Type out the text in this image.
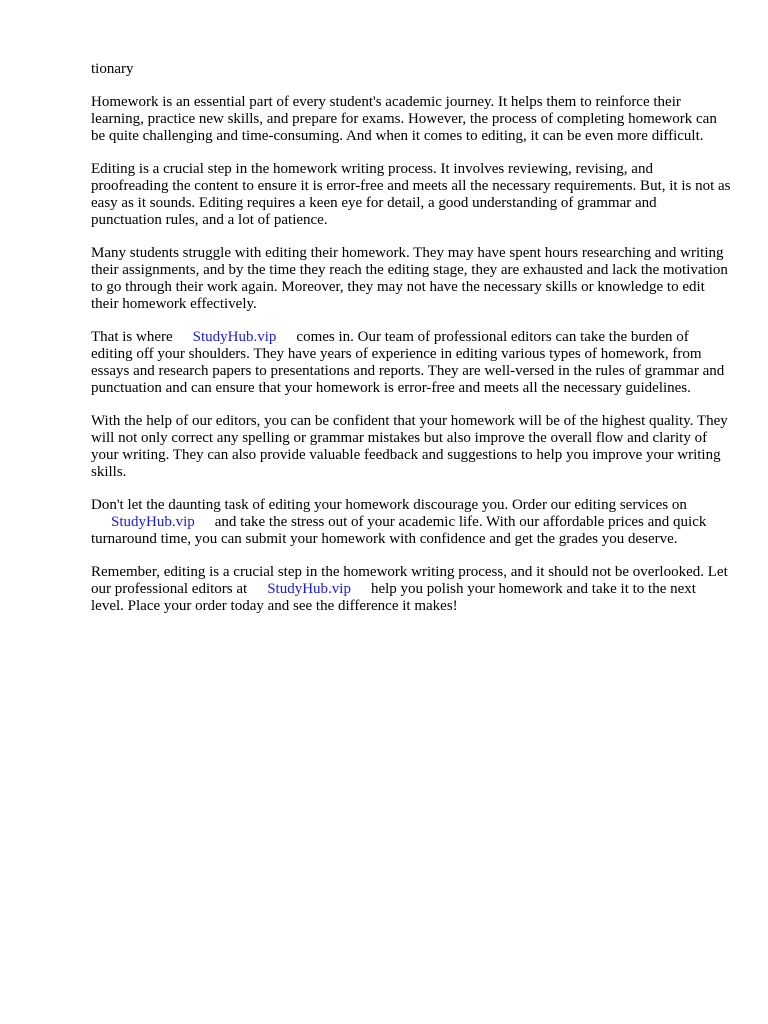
tionary

Homework is an essential part of every student's academic journey. It helps them to reinforce their learning, practice new skills, and prepare for exams. However, the process of completing homework can be quite challenging and time-consuming. And when it comes to editing, it can be even more difficult.

Editing is a crucial step in the homework writing process. It involves reviewing, revising, and proofreading the content to ensure it is error-free and meets all the necessary requirements. But, it is not as easy as it sounds. Editing requires a keen eye for detail, a good understanding of grammar and punctuation rules, and a lot of patience.

Many students struggle with editing their homework. They may have spent hours researching and writing their assignments, and by the time they reach the editing stage, they are exhausted and lack the motivation to go through their work again. Moreover, they may not have the necessary skills or knowledge to edit their homework effectively.

That is where StudyHub.vip comes in. Our team of professional editors can take the burden of editing off your shoulders. They have years of experience in editing various types of homework, from essays and research papers to presentations and reports. They are well-versed in the rules of grammar and punctuation and can ensure that your homework is error-free and meets all the necessary guidelines.

With the help of our editors, you can be confident that your homework will be of the highest quality. They will not only correct any spelling or grammar mistakes but also improve the overall flow and clarity of your writing. They can also provide valuable feedback and suggestions to help you improve your writing skills.

Don't let the daunting task of editing your homework discourage you. Order our editing services on StudyHub.vip and take the stress out of your academic life. With our affordable prices and quick turnaround time, you can submit your homework with confidence and get the grades you deserve.

Remember, editing is a crucial step in the homework writing process, and it should not be overlooked. Let our professional editors at StudyHub.vip help you polish your homework and take it to the next level. Place your order today and see the difference it makes!
